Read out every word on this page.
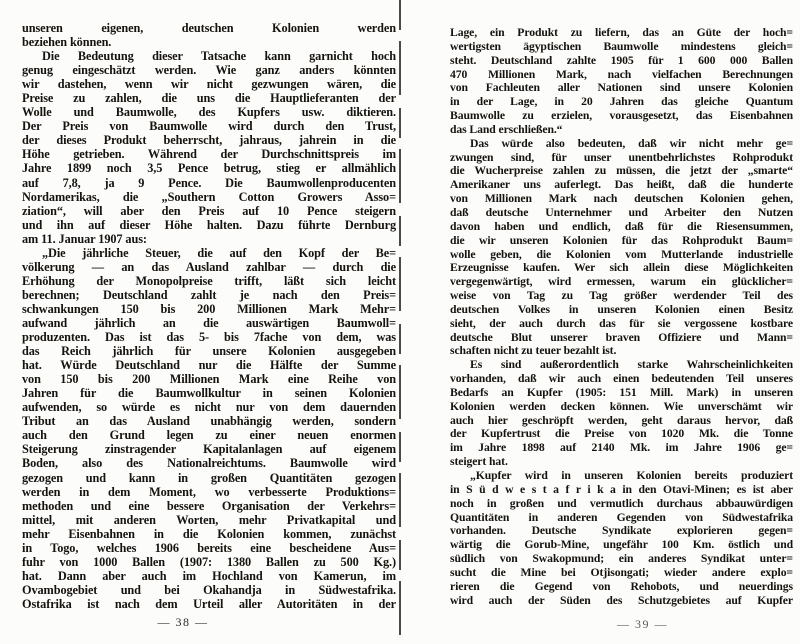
unseren eigenen, deutschen Kolonien werden
beziehen können.
Die Bedeutung dieser Tatsache kann garnicht hoch
genug eingeschätzt werden. Wie ganz anders könnten
wir dastehen, wenn wir nicht gezwungen wären, die
Preise zu zahlen, die uns die Hauptlieferanten der
Wolle und Baumwolle, des Kupfers usw. diktieren.
Der Preis von Baumwolle wird durch den Trust,
der dieses Produkt beherrscht, jahraus, jahrein in die
Höhe getrieben. Während der Durchschnittspreis im
Jahre 1899 noch 3,5 Pence betrug, stieg er allmählich
auf 7,8, ja 9 Pence. Die Baumwollenproducenten
Nordamerikas, die „Southern Cotton Growers Asso=
ziation“, will aber den Preis auf 10 Pence steigern
und ihn auf dieser Höhe halten. Dazu führte Dernburg
am 11. Januar 1907 aus:
„Die jährliche Steuer, die auf den Kopf der Be=
völkerung — an das Ausland zahlbar — durch die
Erhöhung der Monopolpreise trifft, läßt sich leicht
berechnen; Deutschland zahlt je nach den Preis=
schwankungen 150 bis 200 Millionen Mark Mehr=
aufwand jährlich an die auswärtigen Baumwoll=
produzenten. Das ist das 5- bis 7fache von dem, was
das Reich jährlich für unsere Kolonien ausgegeben
hat. Würde Deutschland nur die Hälfte der Summe
von 150 bis 200 Millionen Mark eine Reihe von
Jahren für die Baumwollkultur in seinen Kolonien
aufwenden, so würde es nicht nur von dem dauernden
Tribut an das Ausland unabhängig werden, sondern
auch den Grund legen zu einer neuen enormen
Steigerung zinstragender Kapitalanlagen auf eigenem
Boden, also des Nationalreichtums. Baumwolle wird
gezogen und kann in großen Quantitäten gezogen
werden in dem Moment, wo verbesserte Produktions=
methoden und eine bessere Organisation der Verkehrs=
mittel, mit anderen Worten, mehr Privatkapital und
mehr Eisenbahnen in die Kolonien kommen, zunächst
in Togo, welches 1906 bereits eine bescheidene Aus=
fuhr von 1000 Ballen (1907: 1380 Ballen zu 500 Kg.)
hat. Dann aber auch im Hochland von Kamerun, im
Ovambogebiet und bei Okahandja in Südwestafrika.
Ostafrika ist nach dem Urteil aller Autoritäten in der
Lage, ein Produkt zu liefern, das an Güte der hoch=
wertigsten ägyptischen Baumwolle mindestens gleich=
steht. Deutschland zahlte 1905 für 1 600 000 Ballen
470 Millionen Mark, nach vielfachen Berechnungen
von Fachleuten aller Nationen sind unsere Kolonien
in der Lage, in 20 Jahren das gleiche Quantum
Baumwolle zu erzielen, vorausgesetzt, das Eisenbahnen
das Land erschließen.“
Das würde also bedeuten, daß wir nicht mehr ge=
zwungen sind, für unser unentbehrlichstes Rohprodukt
die Wucherpreise zahlen zu müssen, die jetzt der „smarte“
Amerikaner uns auferlegt. Das heißt, daß die hunderte
von Millionen Mark nach deutschen Kolonien gehen,
daß deutsche Unternehmer und Arbeiter den Nutzen
davon haben und endlich, daß für die Riesensummen,
die wir unseren Kolonien für das Rohprodukt Baum=
wolle geben, die Kolonien vom Mutterlande industrielle
Erzeugnisse kaufen. Wer sich allein diese Möglichkeiten
vergegenwärtigt, wird ermessen, warum ein glücklicher=
weise von Tag zu Tag größer werdender Teil des
deutschen Volkes in unseren Kolonien einen Besitz
sieht, der auch durch das für sie vergossene kostbare
deutsche Blut unserer braven Offiziere und Mann=
schaften nicht zu teuer bezahlt ist.
Es sind außerordentlich starke Wahrscheinlichkeiten
vorhanden, daß wir auch einen bedeutenden Teil unseres
Bedarfs an Kupfer (1905: 151 Mill. Mark) in unseren
Kolonien werden decken können. Wie unverschämt wir
auch hier geschröpft werden, geht daraus hervor, daß
der Kupfertrust die Preise von 1020 Mk. die Tonne
im Jahre 1898 auf 2140 Mk. im Jahre 1906 ge=
steigert hat.
„Kupfer wird in unseren Kolonien bereits produziert
in S ü d w e s t a f r i k a in den Otavi-Minen; es ist aber
noch in großen und vermutlich durchaus abbauwürdigen
Quantitäten in anderen Gegenden von Südwestafrika
vorhanden. Deutsche Syndikate explorieren gegen=
wärtig die Gorub-Mine, ungefähr 100 Km. östlich und
südlich von Swakopmund; ein anderes Syndikat unter=
sucht die Mine bei Otjisongati; wieder andere explo=
rieren die Gegend von Rehobots, und neuerdings
wird auch der Süden des Schutzgebietes auf Kupfer
— 38 —	— 39 —
